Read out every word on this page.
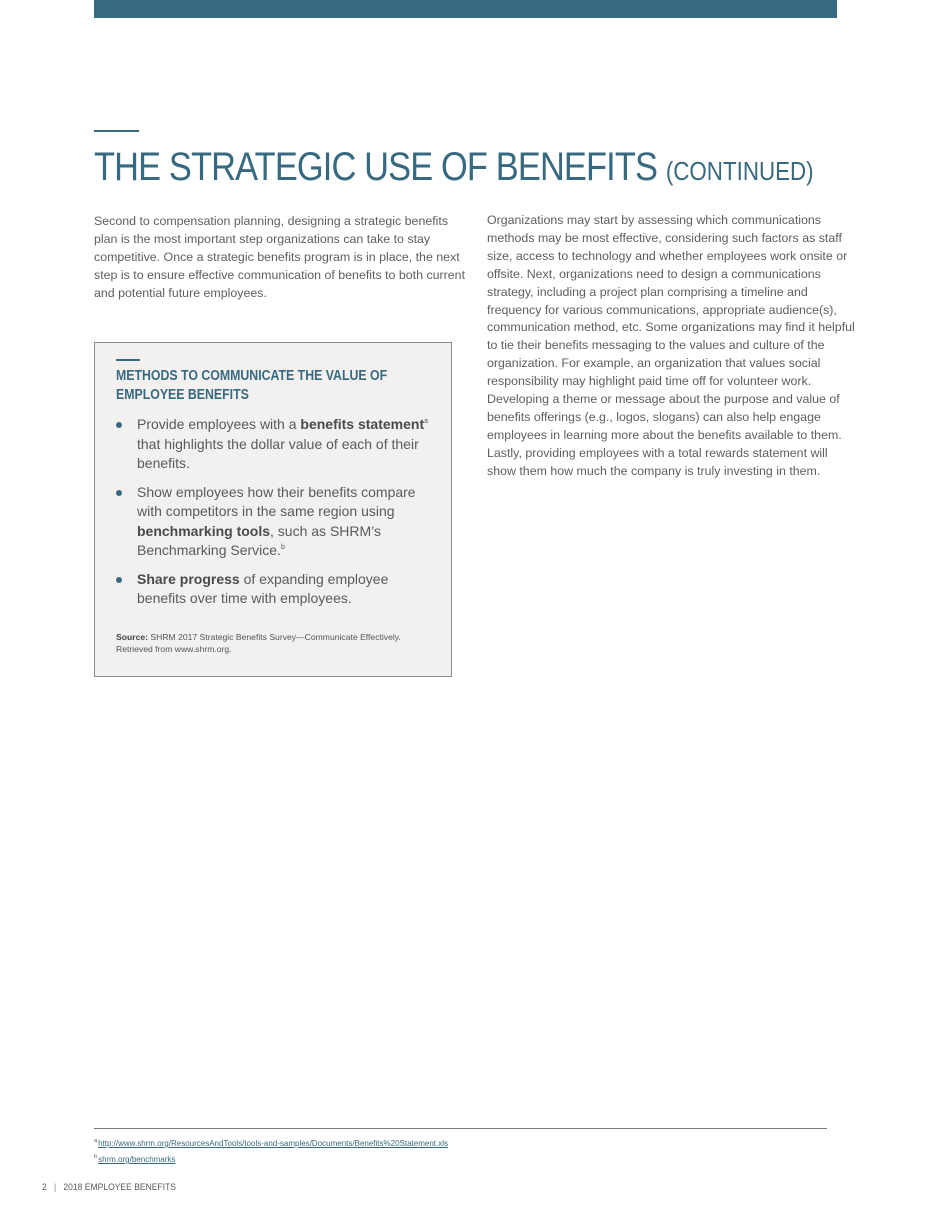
THE STRATEGIC USE OF BENEFITS (CONTINUED)

Second to compensation planning, designing a strategic benefits plan is the most important step organizations can take to stay competitive. Once a strategic benefits program is in place, the next step is to ensure effective communication of benefits to both current and potential future employees.

Organizations may start by assessing which communications methods may be most effective, considering such factors as staff size, access to technology and whether employees work onsite or offsite. Next, organizations need to design a communications strategy, including a project plan comprising a timeline and frequency for various communications, appropriate audience(s), communication method, etc. Some organizations may find it helpful to tie their benefits messaging to the values and culture of the organization. For example, an organization that values social responsibility may highlight paid time off for volunteer work. Developing a theme or message about the purpose and value of benefits offerings (e.g., logos, slogans) can also help engage employees in learning more about the benefits available to them. Lastly, providing employees with a total rewards statement will show them how much the company is truly investing in them.

METHODS TO COMMUNICATE THE VALUE OF EMPLOYEE BENEFITS
Provide employees with a benefits statement$^a$ that highlights the dollar value of each of their benefits.
Show employees how their benefits compare with competitors in the same region using benchmarking tools, such as SHRM’s Benchmarking Service.$^b$
Share progress of expanding employee benefits over time with employees.

Source: SHRM 2017 Strategic Benefits Survey—Communicate Effectively. Retrieved from www.shrm.org.

$^a$http://www.shrm.org/ResourcesAndTools/tools-and-samples/Documents/Benefits%20Statement.xls
$^b$shrm.org/benchmarks
2 | 2018 EMPLOYEE BENEFITS
